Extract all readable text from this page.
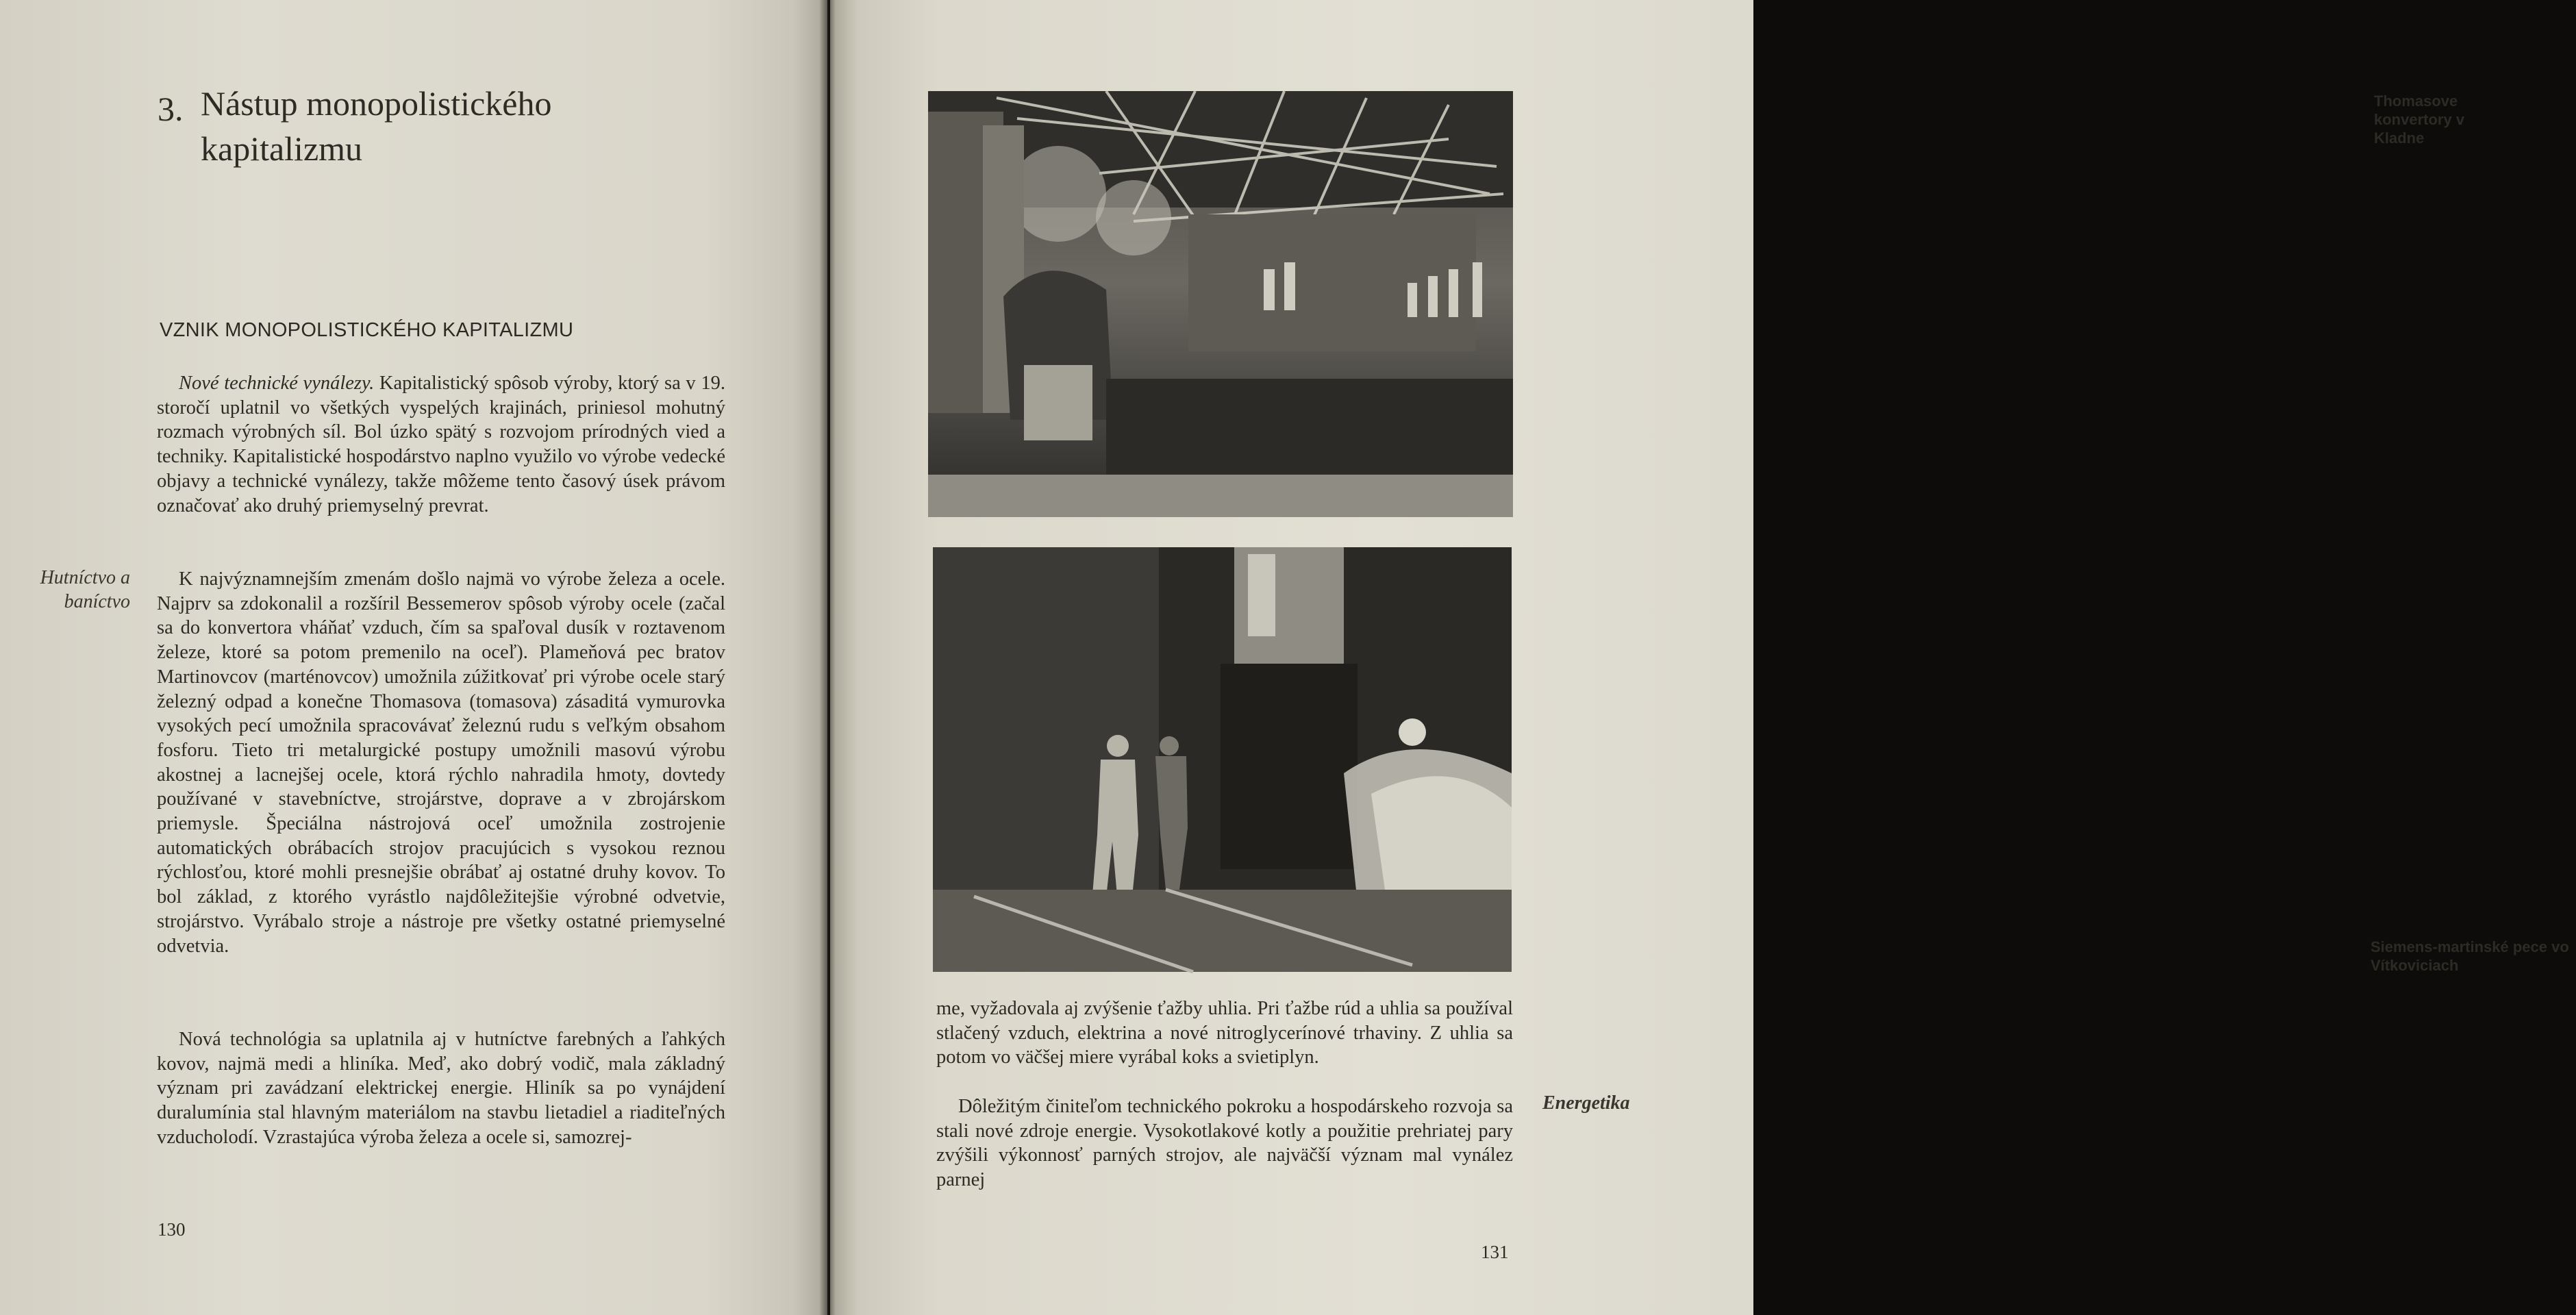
3. Nástup monopolistického
kapitalizmu
VZNIK MONOPOLISTICKÉHO KAPITALIZMU

Nové technické vynálezy. Kapitalistický spôsob výroby, ktorý sa v 19. storočí uplatnil vo všetkých vyspelých krajinách, priniesol mohutný rozmach výrobných síl. Bol úzko spätý s rozvojom prírodných vied a techniky. Kapitalistické hospodárstvo naplno využilo vo výrobe vedecké objavy a technické vynálezy, takže môžeme tento časový úsek právom označovať ako druhý priemyselný prevrat.

Hutníctvo a baníctvo

K najvýznamnejším zmenám došlo najmä vo výrobe železa a ocele. Najprv sa zdokonalil a rozšíril Bessemerov spôsob výroby ocele (začal sa do konvertora vháňať vzduch, čím sa spaľoval dusík v roztavenom železe, ktoré sa potom premenilo na oceľ). Plameňová pec bratov Martinovcov (marténovcov) umožnila zúžitkovať pri výrobe ocele starý železný odpad a konečne Thomasova (tomasova) zásaditá vymurovka vysokých pecí umožnila spracovávať železnú rudu s veľkým obsahom fosforu. Tieto tri metalurgické postupy umožnili masovú výrobu akostnej a lacnejšej ocele, ktorá rýchlo nahradila hmoty, dovtedy používané v stavebníctve, strojárstve, doprave a v zbrojárskom priemysle. Špeciálna nástrojová oceľ umožnila zostrojenie automatických obrábacích strojov pracujúcich s vysokou reznou rýchlosťou, ktoré mohli presnejšie obrábať aj ostatné druhy kovov. To bol základ, z ktorého vyrástlo najdôležitejšie výrobné odvetvie, strojárstvo. Vyrábalo stroje a nástroje pre všetky ostatné priemyselné odvetvia.

Nová technológia sa uplatnila aj v hutníctve farebných a ľahkých kovov, najmä medi a hliníka. Meď, ako dobrý vodič, mala základný význam pri zavádzaní elektrickej energie. Hliník sa po vynájdení duralumínia stal hlavným materiálom na stavbu lietadiel a riaditeľných vzducholodí. Vzrastajúca výroba železa a ocele si, samozrej-

130
Thomasove konvertory v Kladne
Siemens-martinské pece vo Vítkoviciach

me, vyžadovala aj zvýšenie ťažby uhlia. Pri ťažbe rúd a uhlia sa používal stlačený vzduch, elektrina a nové nitroglycerínové trhaviny. Z uhlia sa potom vo väčšej miere vyrábal koks a svietiplyn.

Energetika

Dôležitým činiteľom technického pokroku a hospodárskeho rozvoja sa stali nové zdroje energie. Vysokotlakové kotly a použitie prehriatej pary zvýšili výkonnosť parných strojov, ale najväčší význam mal vynález parnej

131
